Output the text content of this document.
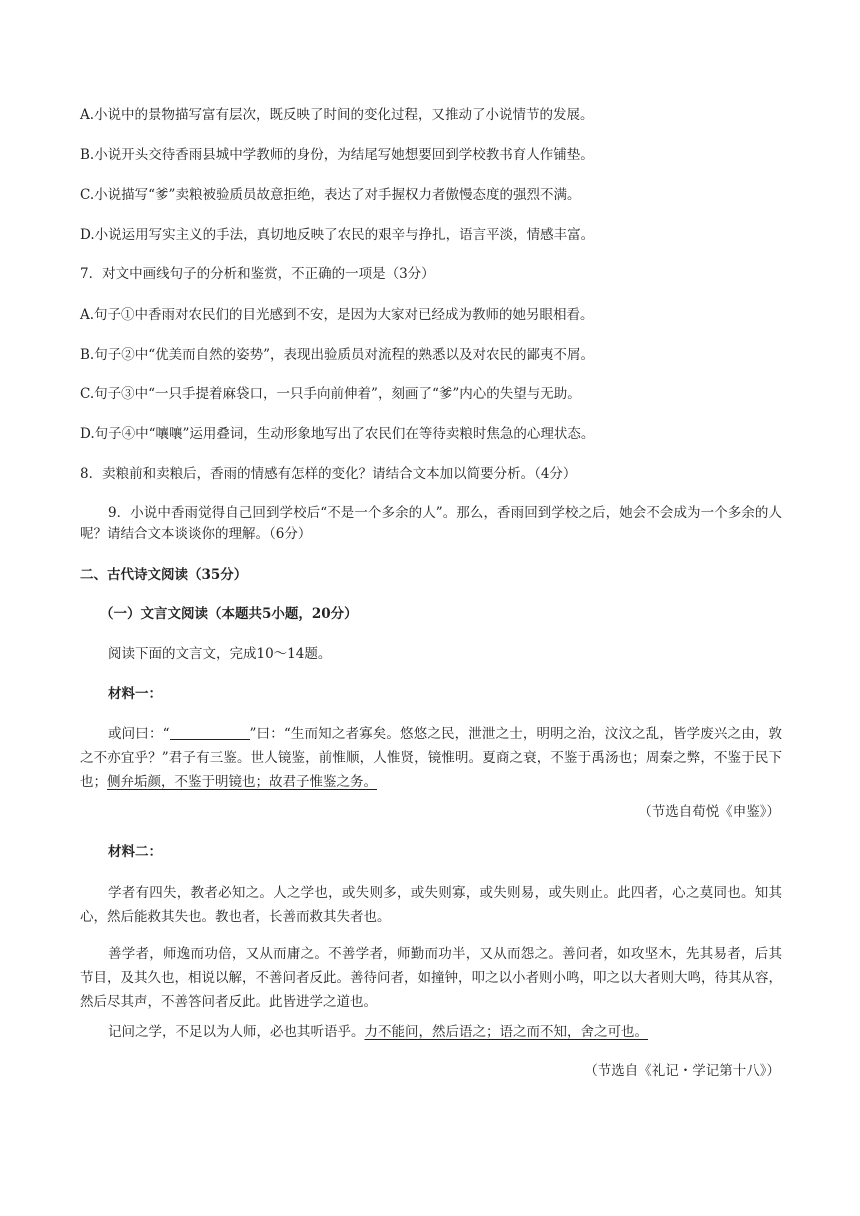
A.小说中的景物描写富有层次，既反映了时间的变化过程，又推动了小说情节的发展。
B.小说开头交待香雨县城中学教师的身份，为结尾写她想要回到学校教书育人作铺垫。
C.小说描写“爹”卖粮被验质员故意拒绝，表达了对手握权力者傲慢态度的强烈不满。
D.小说运用写实主义的手法，真切地反映了农民的艰辛与挣扎，语言平淡，情感丰富。
7．对文中画线句子的分析和鉴赏，不正确的一项是（3分）
A.句子①中香雨对农民们的目光感到不安，是因为大家对已经成为教师的她另眼相看。
B.句子②中“优美而自然的姿势”，表现出验质员对流程的熟悉以及对农民的鄙夷不屑。
C.句子③中“一只手提着麻袋口，一只手向前伸着”，刻画了“爹”内心的失望与无助。
D.句子④中“嚷嚷”运用叠词，生动形象地写出了农民们在等待卖粮时焦急的心理状态。
8．卖粮前和卖粮后，香雨的情感有怎样的变化？请结合文本加以简要分析。（4分）
9．小说中香雨觉得自己回到学校后“不是一个多余的人”。那么，香雨回到学校之后，她会不会成为一个多余的人呢？请结合文本谈谈你的理解。（6分）
二、古代诗文阅读（35分）
（一）文言文阅读（本题共5小题，20分）
阅读下面的文言文，完成10～14题。
材料一：
或问曰：“	”曰：“生而知之者寡矣。悠悠之民，泄泄之士，明明之治，汶汶之乱，皆学废兴之由，敦之不亦宜乎？”君子有三鉴。世人镜鉴，前惟顺，人惟贤，镜惟明。夏商之衰，不鉴于禹汤也；周秦之弊，不鉴于民下也；侧弁垢颜，不鉴于明镜也；故君子惟鉴之务。
（节选自荀悦《申鉴》）
材料二：
学者有四失，教者必知之。人之学也，或失则多，或失则寡，或失则易，或失则止。此四者，心之莫同也。知其心，然后能救其失也。教也者，长善而救其失者也。
善学者，师逸而功倍，又从而庸之。不善学者，师勤而功半，又从而怨之。善问者，如攻坚木，先其易者，后其节目，及其久也，相说以解，不善问者反此。善待问者，如撞钟，叩之以小者则小鸣，叩之以大者则大鸣，待其从容，然后尽其声，不善答问者反此。此皆进学之道也。
记问之学，不足以为人师，必也其听语乎。力不能问，然后语之；语之而不知，舍之可也。
（节选自《礼记・学记第十八》）
